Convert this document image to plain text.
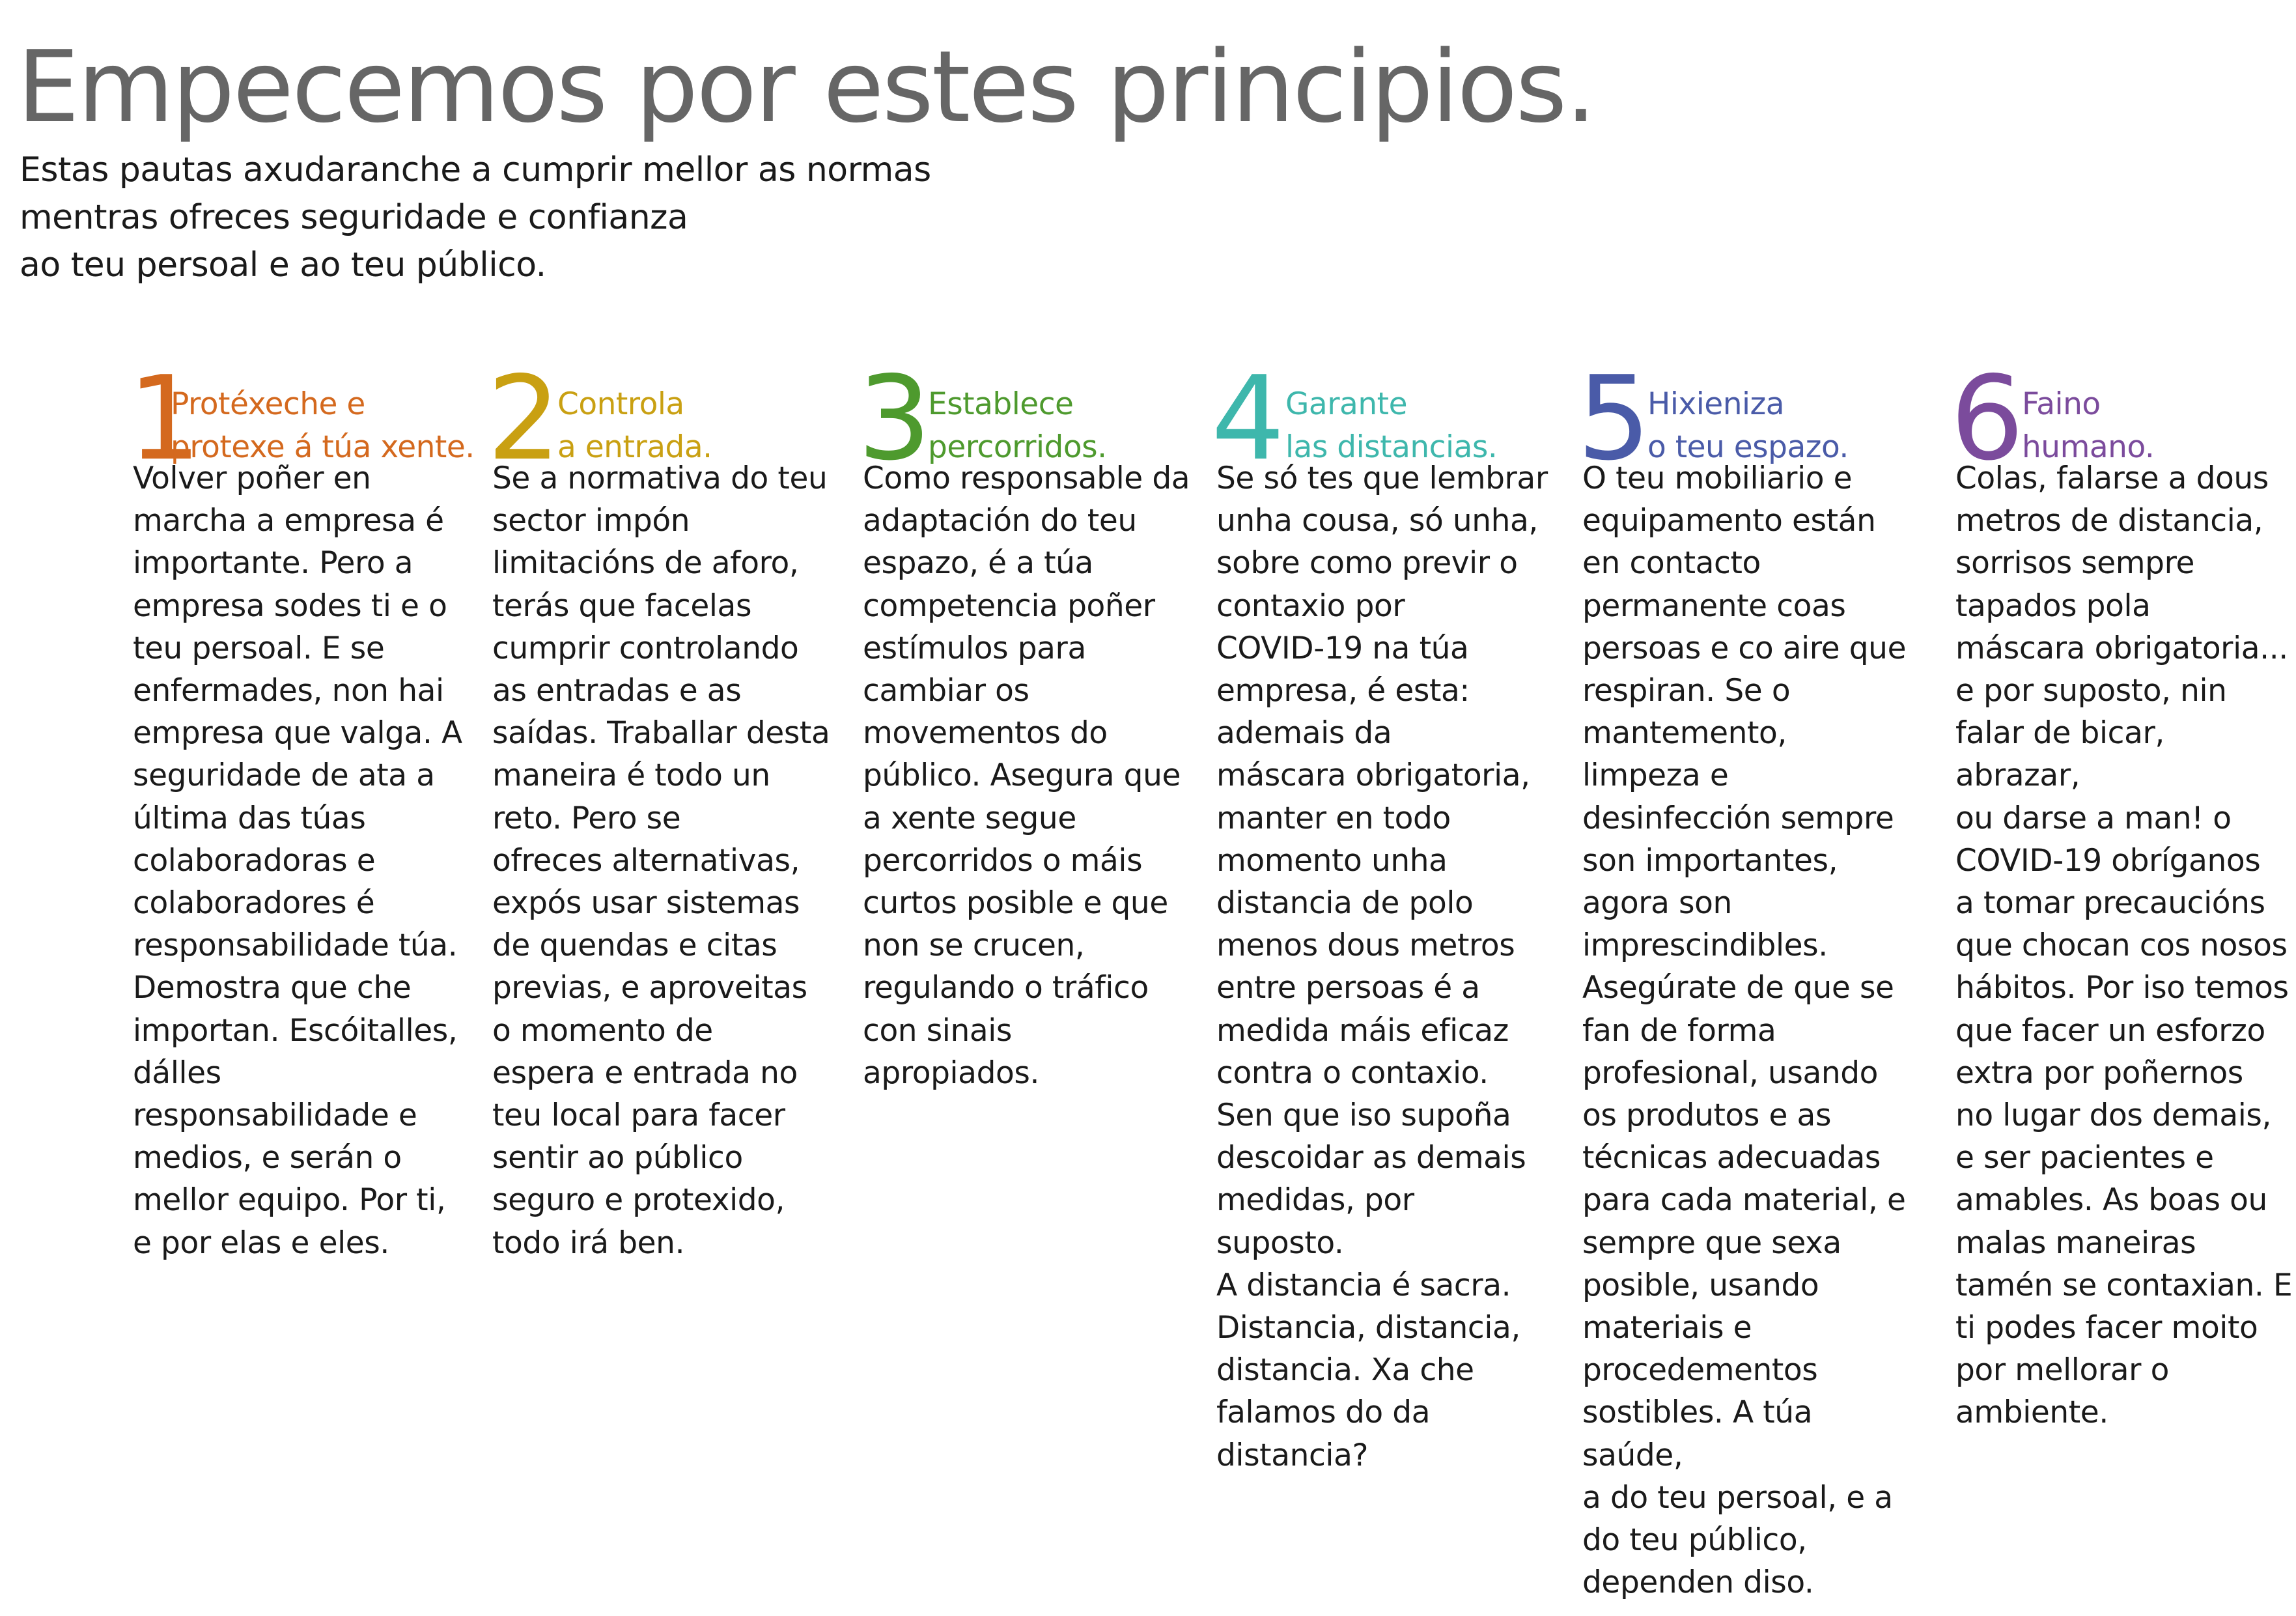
Empecemos por estes principios.

Estas pautas axudaranche a cumprir mellor as normas
mentras ofreces seguridade e confianza
ao teu persoal e ao teu público.

1
Protéxeche e
protexe á túa xente.

Volver poñer en
marcha a empresa é
importante. Pero a
empresa sodes ti e o
teu persoal. E se
enfermades, non hai
empresa que valga. A
seguridade de ata a
última das túas
colaboradoras e
colaboradores é
responsabilidade túa.
Demostra que che
importan. Escóitalles,
dálles
responsabilidade e
medios, e serán o
mellor equipo. Por ti,
e por elas e eles.

2
Controla
a entrada.

Se a normativa do teu
sector impón
limitacións de aforo,
terás que facelas
cumprir controlando
as entradas e as
saídas. Traballar desta
maneira é todo un
reto. Pero se
ofreces alternativas,
expós usar sistemas
de quendas e citas
previas, e aproveitas
o momento de
espera e entrada no
teu local para facer
sentir ao público
seguro e protexido,
todo irá ben.

3
Establece
percorridos.

Como responsable da
adaptación do teu
espazo, é a túa
competencia poñer
estímulos para
cambiar os
movementos do
público. Asegura que
a xente segue
percorridos o máis
curtos posible e que
non se crucen,
regulando o tráfico
con sinais
apropiados.

4 Garante
las distancias.

Se só tes que lembrar
unha cousa, só unha,
sobre como previr o
contaxio por
COVID-19 na túa
empresa, é esta:
ademais da
máscara obrigatoria,
manter en todo
momento unha
distancia de polo
menos dous metros
entre persoas é a
medida máis eficaz
contra o contaxio.
Sen que iso supoña
descoidar as demais
medidas, por
suposto.
A distancia é sacra.
Distancia, distancia,
distancia. Xa che
falamos do da
distancia?

5
Hixieniza
o teu espazo.

O teu mobiliario e
equipamento están
en contacto
permanente coas
persoas e co aire que
respiran. Se o
mantemento,
limpeza e
desinfección sempre
son importantes,
agora son
imprescindibles.
Asegúrate de que se
fan de forma
profesional, usando
os produtos e as
técnicas adecuadas
para cada material, e
sempre que sexa
posible, usando
materiais e
procedementos
sostibles. A túa saúde,
a do teu persoal, e a
do teu público,
dependen diso.

6
Faino
humano.

Colas, falarse a dous
metros de distancia,
sorrisos sempre
tapados pola
máscara obrigatoria...
e por suposto, nin
falar de bicar, abrazar,
ou darse a man! o
COVID-19 obríganos
a tomar precaucións
que chocan cos nosos
hábitos. Por iso temos
que facer un esforzo
extra por poñernos
no lugar dos demais,
e ser pacientes e
amables. As boas ou
malas maneiras
tamén se contaxian. E
ti podes facer moito
por mellorar o
ambiente.
